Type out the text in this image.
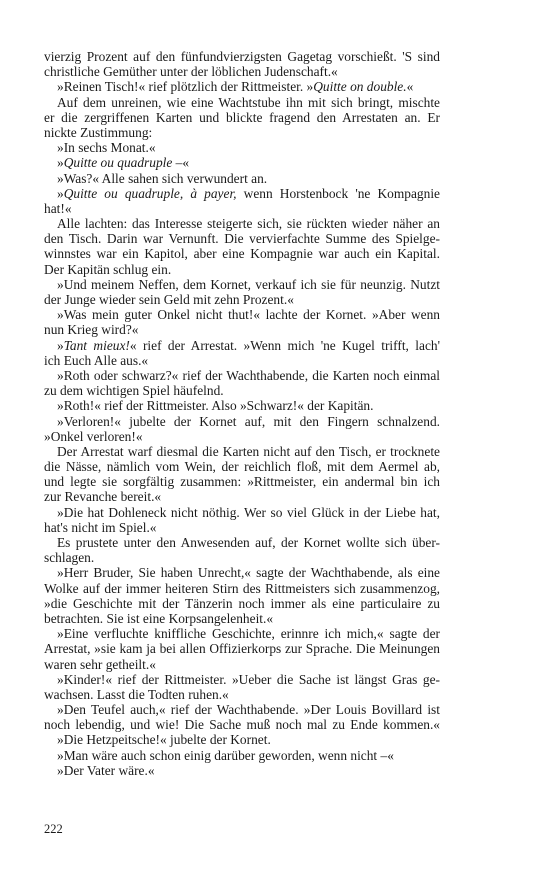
vierzig Prozent auf den fünfundvierzigsten Gagetag vorschießt. 'S sind
christliche Gemüther unter der löblichen Judenschaft.«
»Reinen Tisch!« rief plötzlich der Rittmeister. »Quitte on double.«
Auf dem unreinen, wie eine Wachtstube ihn mit sich bringt, mischte
er die zergriffenen Karten und blickte fragend den Arrestaten an. Er
nickte Zustimmung:
»In sechs Monat.«
»Quitte ou quadruple –«
»Was?« Alle sahen sich verwundert an.
»Quitte ou quadruple, à payer, wenn Horstenbock 'ne Kompagnie
hat!«
Alle lachten: das Interesse steigerte sich, sie rückten wieder näher an
den Tisch. Darin war Vernunft. Die vervierfachte Summe des Spielge-
winnstes war ein Kapitol, aber eine Kompagnie war auch ein Kapital.
Der Kapitän schlug ein.
»Und meinem Neffen, dem Kornet, verkauf ich sie für neunzig. Nutzt
der Junge wieder sein Geld mit zehn Prozent.«
»Was mein guter Onkel nicht thut!« lachte der Kornet. »Aber wenn
nun Krieg wird?«
»Tant mieux!« rief der Arrestat. »Wenn mich 'ne Kugel trifft, lach'
ich Euch Alle aus.«
»Roth oder schwarz?« rief der Wachthabende, die Karten noch einmal
zu dem wichtigen Spiel häufelnd.
»Roth!« rief der Rittmeister. Also »Schwarz!« der Kapitän.
»Verloren!« jubelte der Kornet auf, mit den Fingern schnalzend.
»Onkel verloren!«
Der Arrestat warf diesmal die Karten nicht auf den Tisch, er trocknete
die Nässe, nämlich vom Wein, der reichlich floß, mit dem Aermel ab,
und legte sie sorgfältig zusammen: »Rittmeister, ein andermal bin ich
zur Revanche bereit.«
»Die hat Dohleneck nicht nöthig. Wer so viel Glück in der Liebe hat,
hat's nicht im Spiel.«
Es prustete unter den Anwesenden auf, der Kornet wollte sich über-
schlagen.
»Herr Bruder, Sie haben Unrecht,« sagte der Wachthabende, als eine
Wolke auf der immer heiteren Stirn des Rittmeisters sich zusammenzog,
»die Geschichte mit der Tänzerin noch immer als eine particulaire zu
betrachten. Sie ist eine Korpsangelenheit.«
»Eine verfluchte kniffliche Geschichte, erinnre ich mich,« sagte der
Arrestat, »sie kam ja bei allen Offizierkorps zur Sprache. Die Meinungen
waren sehr getheilt.«
»Kinder!« rief der Rittmeister. »Ueber die Sache ist längst Gras ge-
wachsen. Lasst die Todten ruhen.«
»Den Teufel auch,« rief der Wachthabende. »Der Louis Bovillard ist
noch lebendig, und wie! Die Sache muß noch mal zu Ende kommen.«
»Die Hetzpeitsche!« jubelte der Kornet.
»Man wäre auch schon einig darüber geworden, wenn nicht –«
»Der Vater wäre.«
222
